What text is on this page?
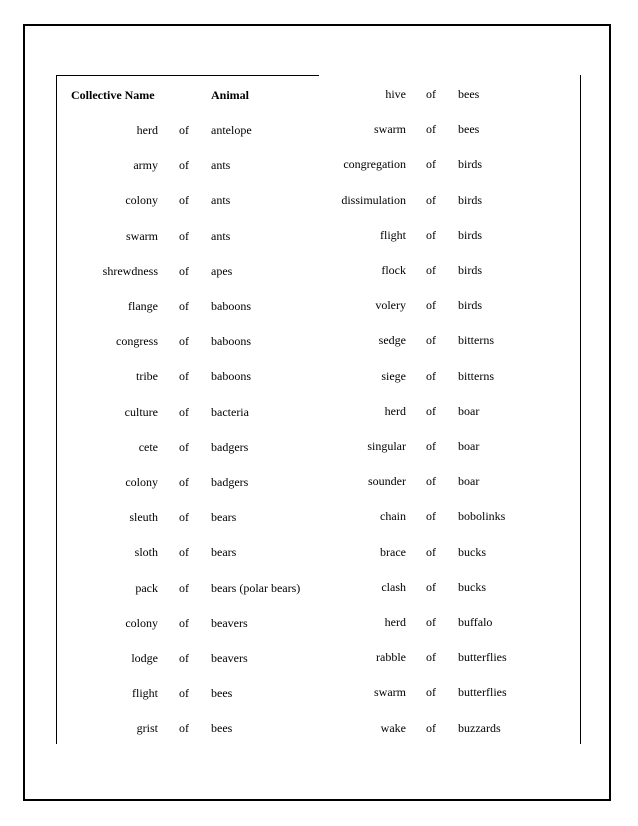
Collective Name	Animal
herd of antelope
army of ants
colony of ants
swarm of ants
shrewdness of apes
flange of baboons
congress of baboons
tribe of baboons
culture of bacteria
cete of badgers
colony of badgers
sleuth of bears
sloth of bears
pack of bears (polar bears)
colony of beavers
lodge of beavers
flight of bees
grist of bees
hive of bees
swarm of bees
congregation of birds
dissimulation of birds
flight of birds
flock of birds
volery of birds
sedge of bitterns
siege of bitterns
herd of boar
singular of boar
sounder of boar
chain of bobolinks
brace of bucks
clash of bucks
herd of buffalo
rabble of butterflies
swarm of butterflies
wake of buzzards
